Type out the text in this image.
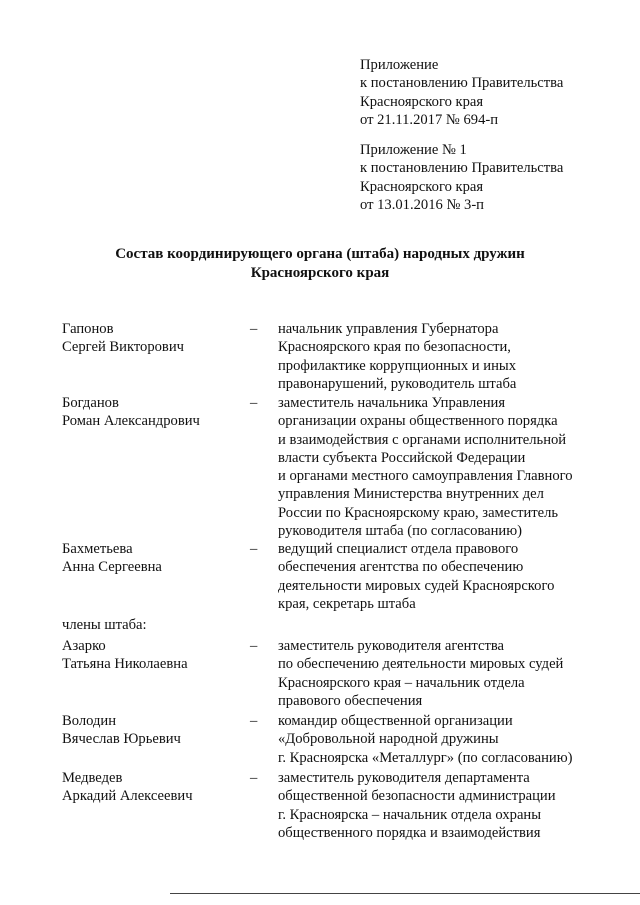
Приложение
к постановлению Правительства
Красноярского края
от 21.11.2017 № 694-п
Приложение № 1
к постановлению Правительства
Красноярского края
от 13.01.2016 № 3-п
Состав координирующего органа (штаба) народных дружин
Красноярского края
Гапонов
Сергей Викторович
– начальник управления Губернатора
Красноярского края по безопасности,
профилактике коррупционных и иных
правонарушений, руководитель штаба
Богданов
Роман Александрович
– заместитель начальника Управления
организации охраны общественного порядка
и взаимодействия с органами исполнительной
власти субъекта Российской Федерации
и органами местного самоуправления Главного
управления Министерства внутренних дел
России по Красноярскому краю, заместитель
руководителя штаба (по согласованию)
Бахметьева
Анна Сергеевна
– ведущий специалист отдела правового
обеспечения агентства по обеспечению
деятельности мировых судей Красноярского
края, секретарь штаба
члены штаба:
Азарко
Татьяна Николаевна
– заместитель руководителя агентства
по обеспечению деятельности мировых судей
Красноярского края – начальник отдела
правового обеспечения
Володин
Вячеслав Юрьевич
– командир общественной организации
«Добровольной народной дружины
г. Красноярска «Металлург» (по согласованию)
Медведев
Аркадий Алексеевич
– заместитель руководителя департамента
общественной безопасности администрации
г. Красноярска – начальник отдела охраны
общественного порядка и взаимодействия
